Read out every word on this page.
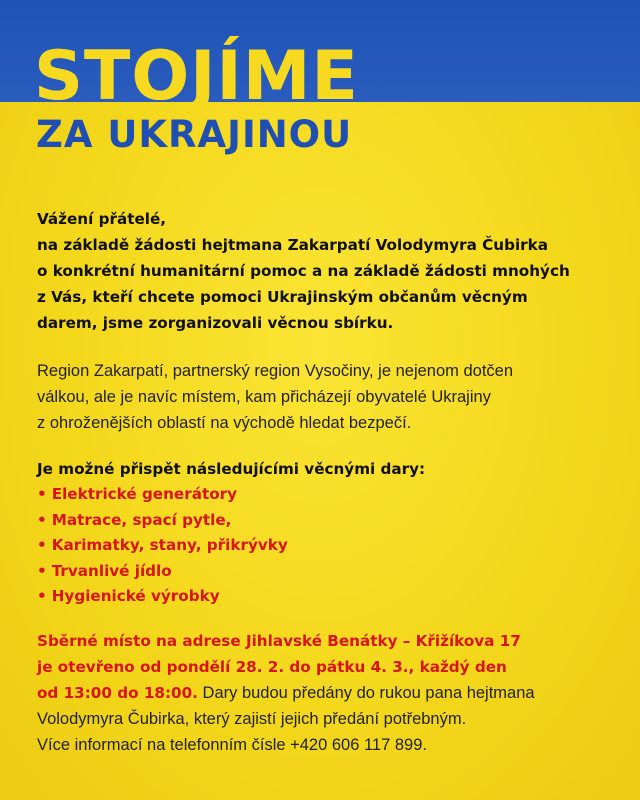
STOJÍME
ZA UKRAJINOU

Vážení přátelé,
na základě žádosti hejtmana Zakarpatí Volodymyra Čubirka
o konkrétní humanitární pomoc a na základě žádosti mnohých
z Vás, kteří chcete pomoci Ukrajinským občanům věcným
darem, jsme zorganizovali věcnou sbírku.

Region Zakarpatí, partnerský region Vysočiny, je nejenom dotčen
válkou, ale je navíc místem, kam přicházejí obyvatelé Ukrajiny
z ohroženějších oblastí na východě hledat bezpečí.

Je možné přispět následujícími věcnými dary:

• Elektrické generátory
• Matrace, spací pytle,
• Karimatky, stany, přikrývky
• Trvanlivé jídlo
• Hygienické výrobky

Sběrné místo na adrese Jihlavské Benátky – Křižíkova 17
je otevřeno od pondělí 28. 2. do pátku 4. 3., každý den
od 13:00 do 18:00. Dary budou předány do rukou pana hejtmana
Volodymyra Čubirka, který zajistí jejich předání potřebným.
Více informací na telefonním čísle +420 606 117 899.
